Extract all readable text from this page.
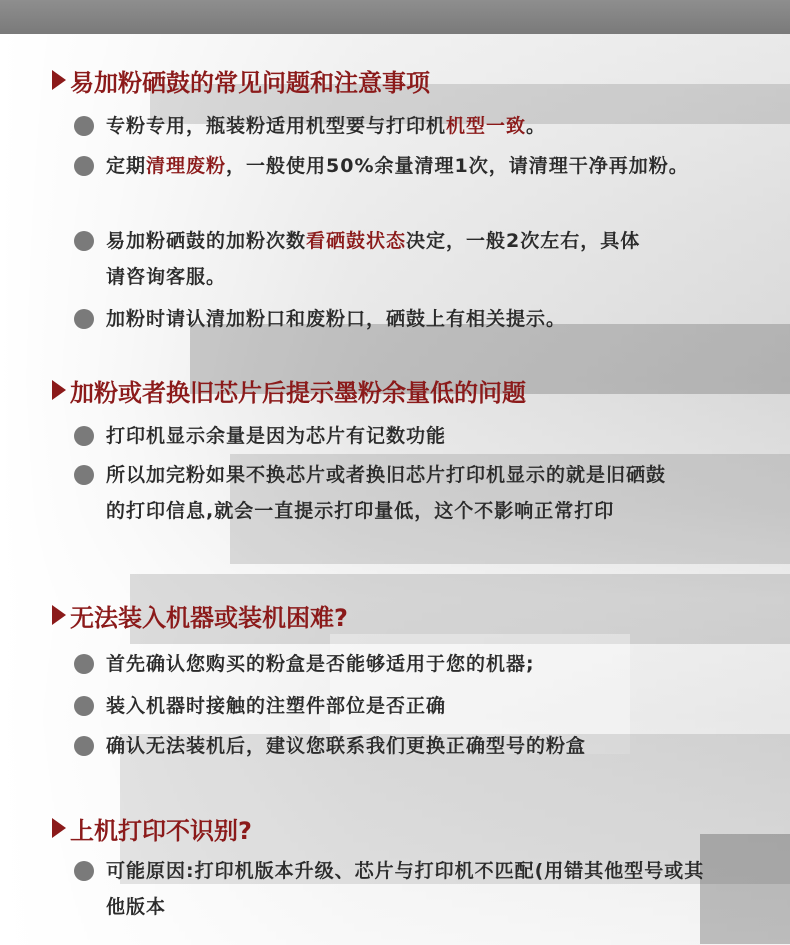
易加粉硒鼓的常见问题和注意事项
专粉专用，瓶装粉适用机型要与打印机机型一致。
定期清理废粉，一般使用50%余量清理1次，请清理干净再加粉。
易加粉硒鼓的加粉次数看硒鼓状态决定，一般2次左右，具体请咨询客服。
加粉时请认清加粉口和废粉口，硒鼓上有相关提示。
加粉或者换旧芯片后提示墨粉余量低的问题
打印机显示余量是因为芯片有记数功能
所以加完粉如果不换芯片或者换旧芯片打印机显示的就是旧硒鼓的打印信息,就会一直提示打印量低，这个不影响正常打印
无法装入机器或装机困难?
首先确认您购买的粉盒是否能够适用于您的机器;
装入机器时接触的注塑件部位是否正确
确认无法装机后，建议您联系我们更换正确型号的粉盒
上机打印不识别?
可能原因:打印机版本升级、芯片与打印机不匹配(用错其他型号或其他版本
